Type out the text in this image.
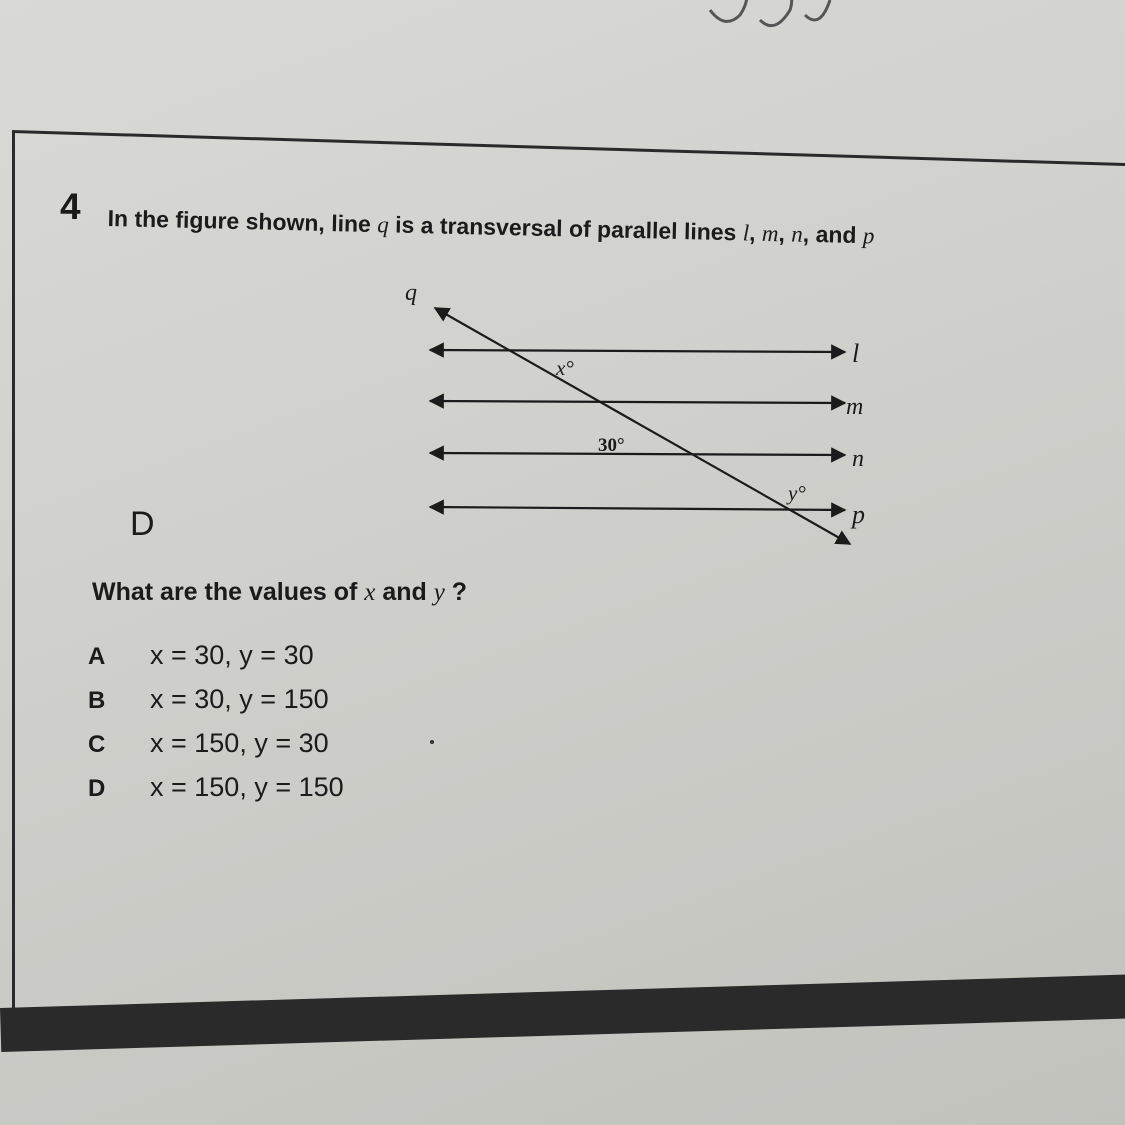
4 In the figure shown, line q is a transversal of parallel lines l, m, n, and p
q
l
m
n
p
x°
30°
y°
D
What are the values of x and y ?
A	x = 30, y = 30
B	x = 30, y = 150
C	x = 150, y = 30
D	x = 150, y = 150
